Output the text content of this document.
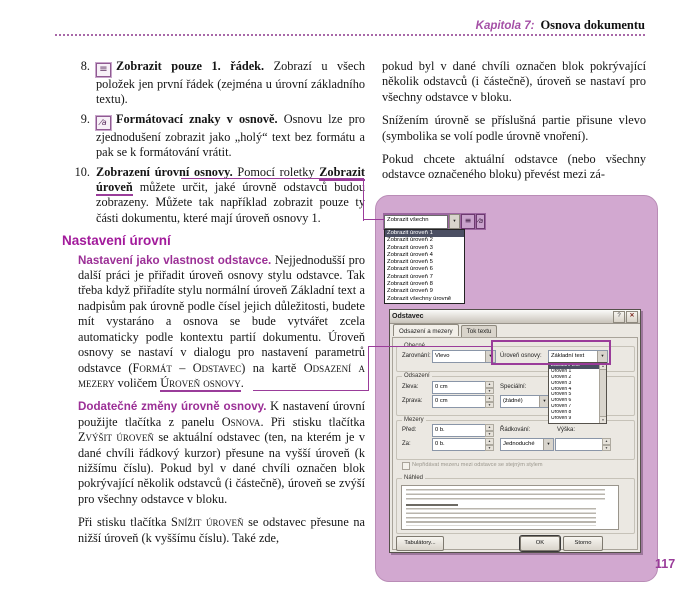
Kapitola 7: Osnova dokumentu
8. ≡ Zobrazit pouze 1. řádek. Zobrazí u všech položek jen první řádek (zejména u úrovní základního textu).
9.	⁄a Formátovací znaky v osnově. Osnovu lze pro zjednodušení zobrazit jako „holý“ text bez formátu a pak se k formátování vrátit.
10. Zobrazení úrovní osnovy. Pomocí roletky Zobrazit úroveň můžete určit, jaké úrovně odstavců budou zobrazeny. Můžete tak například zobrazit pouze ty části dokumentu, které mají úroveň osnovy 1.
Nastavení úrovní

Nastavení jako vlastnost odstavce. Nejjednodušší pro další práci je přiřadit úroveň osnovy stylu odstavce. Tak třeba když přiřadíte stylu normální úroveň Základní text a nadpisům pak úrovně podle čísel jejich důležitosti, budete mít vystaráno a osnova se bude vytvářet zcela automaticky podle kontextu partií dokumentu. Úroveň osnovy se nastaví v dialogu pro nastavení parametrů odstavce (Formát – Odstavec) na kartě Odsazení a mezery voličem Úroveň osnovy.

Dodatečné změny úrovně osnovy. K nastavení úrovní použijte tlačítka z panelu Osnova. Při stisku tlačítka Zvýšit úroveň se aktuální odstavec (ten, na kterém je v dané chvíli řádkový kurzor) přesune na vyšší úroveň (k nižšímu číslu). Pokud byl v dané chvíli označen blok pokrývající několik odstavců (i částečně), úroveň se zvýší pro všechny odstavce v bloku.

Při stisku tlačítka Snížit úroveň se odstavec přesune na nižší úroveň (k vyššímu číslu). Také zde,

pokud byl v dané chvíli označen blok pokrývající několik odstavců (i částečně), úroveň se nastaví pro všechny odstavce v bloku.

Snížením úrovně se příslušná partie přisune vlevo (symbolika se volí podle úrovně vnoření).

Pokud chcete aktuální odstavce (nebo všechny odstavce označeného bloku) převést mezi zá-

Zobrazit všechn	▼	≡ ⁄a
Zobrazit úroveň 1
Zobrazit úroveň 2
Zobrazit úroveň 3
Zobrazit úroveň 4
Zobrazit úroveň 5
Zobrazit úroveň 6
Zobrazit úroveň 7
Zobrazit úroveň 8
Zobrazit úroveň 9
Zobrazit všechny úrovně
Odstavec	?	✕
Odsazení a mezery	Tok textu
Obecné
Zarovnání: Vlevo	▼	Úroveň osnovy:	Základní text	▼
▲
▼
Základní text
Úroveň 1
Úroveň 2
Úroveň 3
Úroveň 4
Úroveň 5
Úroveň 6
Úroveň 7
Úroveň 8
Úroveň 9
Odsazení
Zleva:	0 cm	▲
▼
Zprava:	0 cm	▲
▼
Speciální:
(žádné)	▼
Mezery
Před:	0 b.	▲
▼
Za:	0 b.	▲
▼
Řádkování:
Jednoduché	▼
Výška:
▲
▼
Nepřidávat mezeru mezi odstavce se stejným stylem
Náhled
Tabulátory...	OK	Storno
117
